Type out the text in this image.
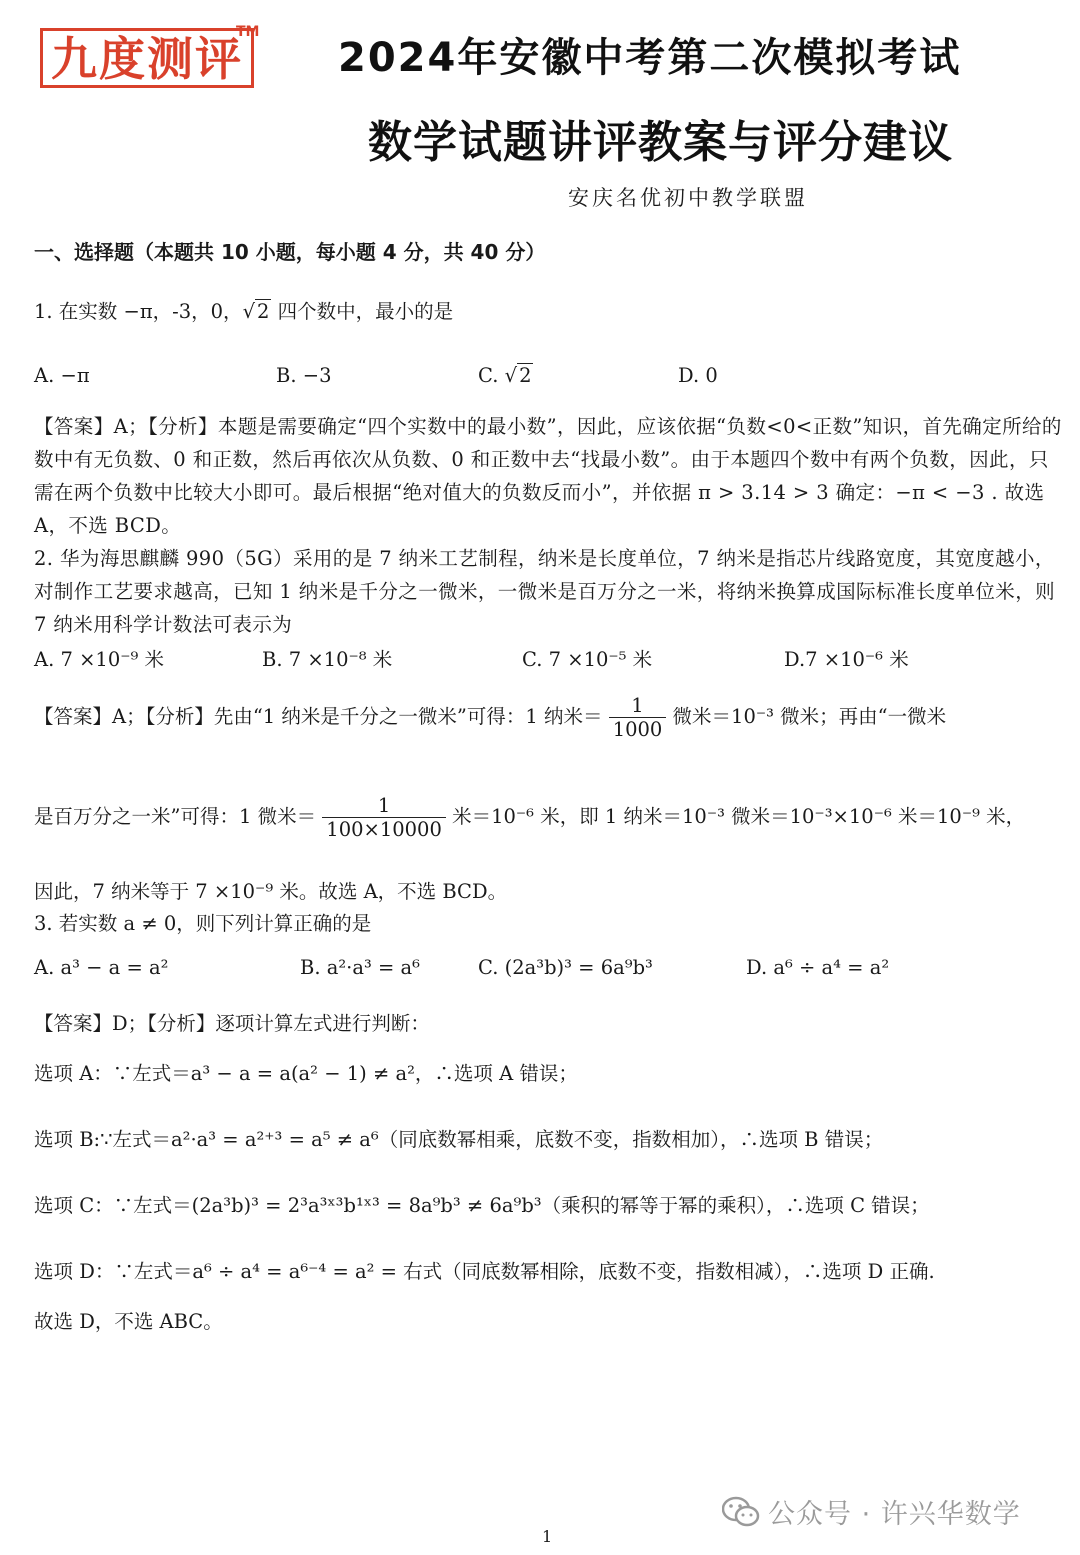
九度测评
TM
2024年安徽中考第二次模拟考试
数学试题讲评教案与评分建议
安庆名优初中教学联盟
一、选择题（本题共 10 小题，每小题 4 分，共 40 分）
1. 在实数 −π，-3，0，√ 2 四个数中，最小的是
A. −π	B. −3	C. √ 2	D. 0
【答案】A；【分析】本题是需要确定“四个实数中的最小数”，因此，应该依据“负数<0<正数”知识，首先确定所给的数中有无负数、0 和正数，然后再依次从负数、0 和正数中去“找最小数”。由于本题四个数中有两个负数，因此，只需在两个负数中比较大小即可。最后根据“绝对值大的负数反而小”，并依据 π > 3.14 > 3 确定：−π < −3 . 故选 A，不选 BCD。
2. 华为海思麒麟 990（5G）采用的是 7 纳米工艺制程，纳米是长度单位，7 纳米是指芯片线路宽度，其宽度越小，对制作工艺要求越高，已知 1 纳米是千分之一微米，一微米是百万分之一米，将纳米换算成国际标准长度单位米，则 7 纳米用科学计数法可表示为
A. 7 ×10⁻⁹ 米	B. 7 ×10⁻⁸ 米	C. 7 ×10⁻⁵ 米	D.7 ×10⁻⁶ 米
【答案】A；【分析】先由“1 纳米是千分之一微米”可得：1 纳米＝ $\frac{1}{1000}$ 微米＝10⁻³ 微米；再由“一微米
是百万分之一米”可得：1 微米＝ $\frac{1}{100\times 10000}$ 米＝10⁻⁶ 米，即 1 纳米＝10⁻³ 微米＝10⁻³×10⁻⁶ 米＝10⁻⁹ 米，
因此，7 纳米等于 7 ×10⁻⁹ 米。故选 A，不选 BCD。
3. 若实数 a ≠ 0，则下列计算正确的是
A. a³ − a = a²	B. a²·a³ = a⁶	C. (2a³b)³ = 6a⁹b³	D. a⁶ ÷ a⁴ = a²
【答案】D；【分析】逐项计算左式进行判断：
选项 A：∵左式＝a³ − a = a(a² − 1) ≠ a²，∴选项 A 错误；
选项 B:∵左式＝a²·a³ = a²⁺³ = a⁵ ≠ a⁶（同底数幂相乘，底数不变，指数相加），∴选项 B 错误；
选项 C：∵左式＝(2a³b)³ = 2³a³ˣ³b¹ˣ³ = 8a⁹b³ ≠ 6a⁹b³（乘积的幂等于幂的乘积），∴选项 C 错误；
选项 D：∵左式＝a⁶ ÷ a⁴ = a⁶⁻⁴ = a² = 右式（同底数幂相除，底数不变，指数相减），∴选项 D 正确.
故选 D，不选 ABC。
公众号 · 许兴华数学
1
